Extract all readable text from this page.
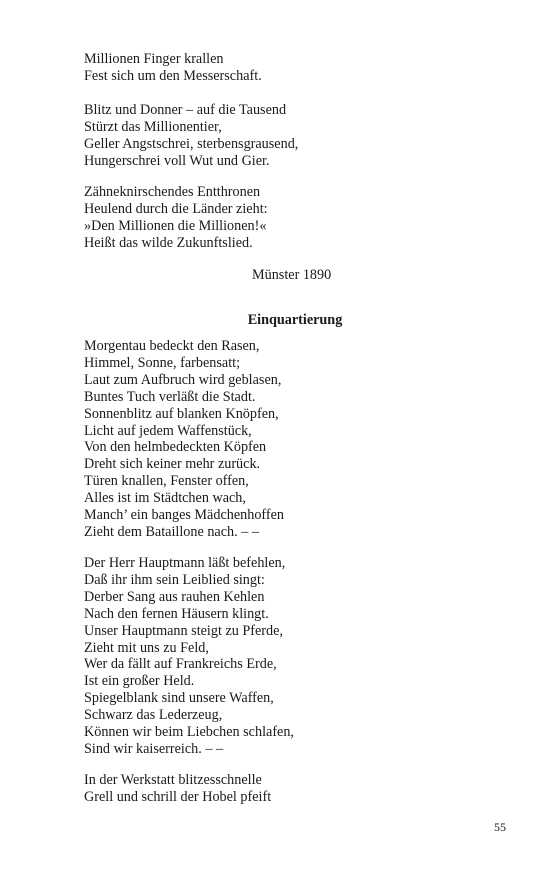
Millionen Finger krallen
Fest sich um den Messerschaft.
Blitz und Donner – auf die Tausend
Stürzt das Millionentier,
Geller Angstschrei, sterbensgrausend,
Hungerschrei voll Wut und Gier.
Zähneknirschendes Entthronen
Heulend durch die Länder zieht:
»Den Millionen die Millionen!«
Heißt das wilde Zukunftslied.
Münster 1890
Einquartierung
Morgentau bedeckt den Rasen,
Himmel, Sonne, farbensatt;
Laut zum Aufbruch wird geblasen,
Buntes Tuch verläßt die Stadt.
Sonnenblitz auf blanken Knöpfen,
Licht auf jedem Waffenstück,
Von den helmbedeckten Köpfen
Dreht sich keiner mehr zurück.
Türen knallen, Fenster offen,
Alles ist im Städtchen wach,
Manch’ ein banges Mädchenhoffen
Zieht dem Bataillone nach. – –
Der Herr Hauptmann läßt befehlen,
Daß ihr ihm sein Leiblied singt:
Derber Sang aus rauhen Kehlen
Nach den fernen Häusern klingt.
Unser Hauptmann steigt zu Pferde,
Zieht mit uns zu Feld,
Wer da fällt auf Frankreichs Erde,
Ist ein großer Held.
Spiegelblank sind unsere Waffen,
Schwarz das Lederzeug,
Können wir beim Liebchen schlafen,
Sind wir kaiserreich. – –
In der Werkstatt blitzesschnelle
Grell und schrill der Hobel pfeift
55
